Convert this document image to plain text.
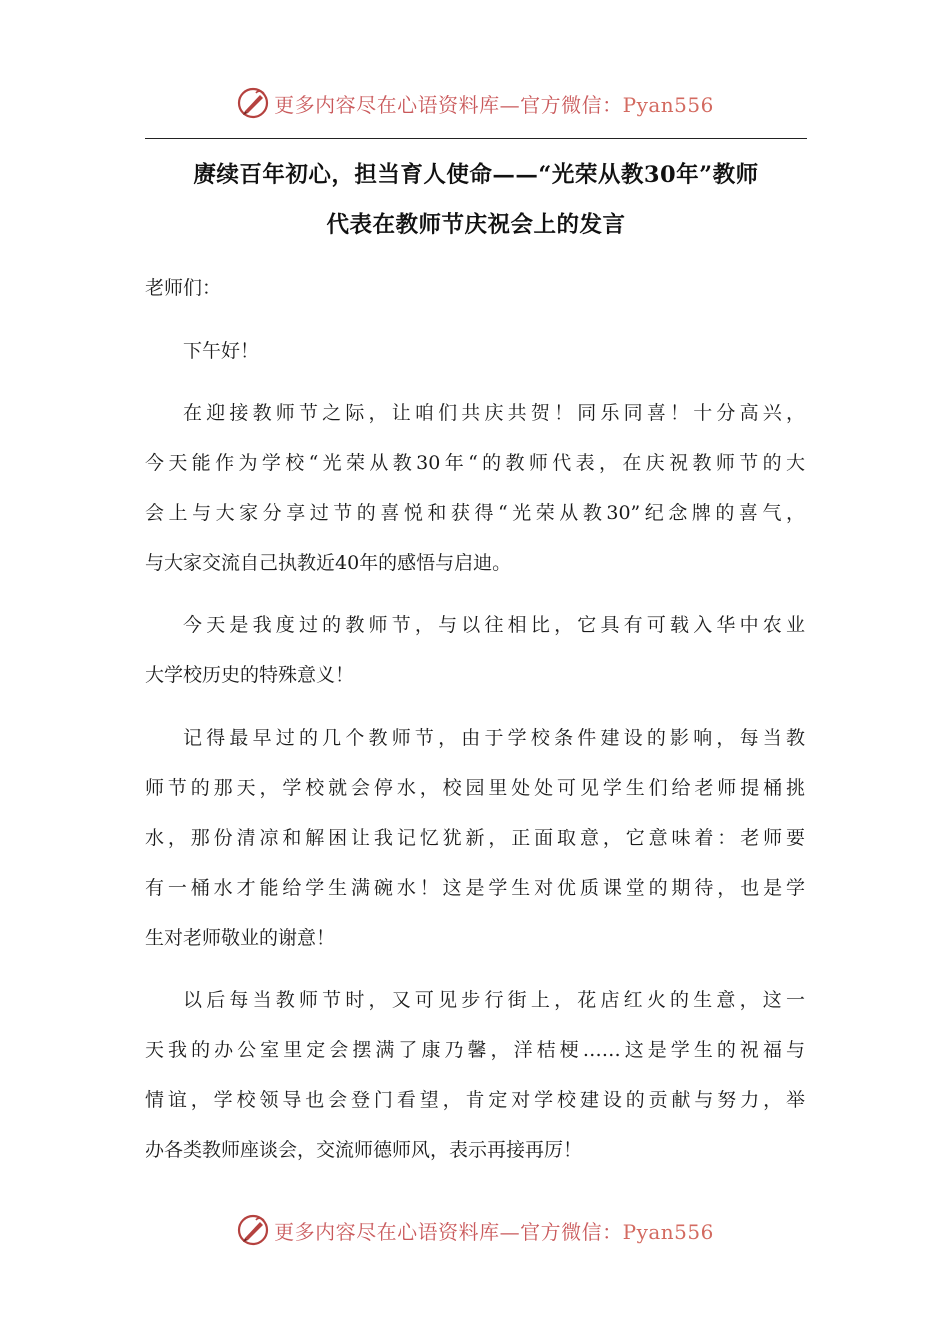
更多内容尽在心语资料库—官方微信：Pyan556
赓续百年初心，担当育人使命——“光荣从教30年”教师
代表在教师节庆祝会上的发言
老师们：
下午好！
在迎接教师节之际，让咱们共庆共贺！同乐同喜！十分高兴，
今天能作为学校“光荣从教30年“的教师代表，在庆祝教师节的大
会上与大家分享过节的喜悦和获得“光荣从教30”纪念牌的喜气，
与大家交流自己执教近40年的感悟与启迪。
今天是我度过的教师节，与以往相比，它具有可载入华中农业
大学校历史的特殊意义！
记得最早过的几个教师节，由于学校条件建设的影响，每当教
师节的那天，学校就会停水，校园里处处可见学生们给老师提桶挑
水，那份清凉和解困让我记忆犹新，正面取意，它意味着：老师要
有一桶水才能给学生满碗水！这是学生对优质课堂的期待，也是学
生对老师敬业的谢意！
以后每当教师节时，又可见步行街上，花店红火的生意，这一
天我的办公室里定会摆满了康乃馨，洋桔梗……这是学生的祝福与
情谊，学校领导也会登门看望，肯定对学校建设的贡献与努力，举
办各类教师座谈会，交流师德师风，表示再接再厉！
更多内容尽在心语资料库—官方微信：Pyan556
